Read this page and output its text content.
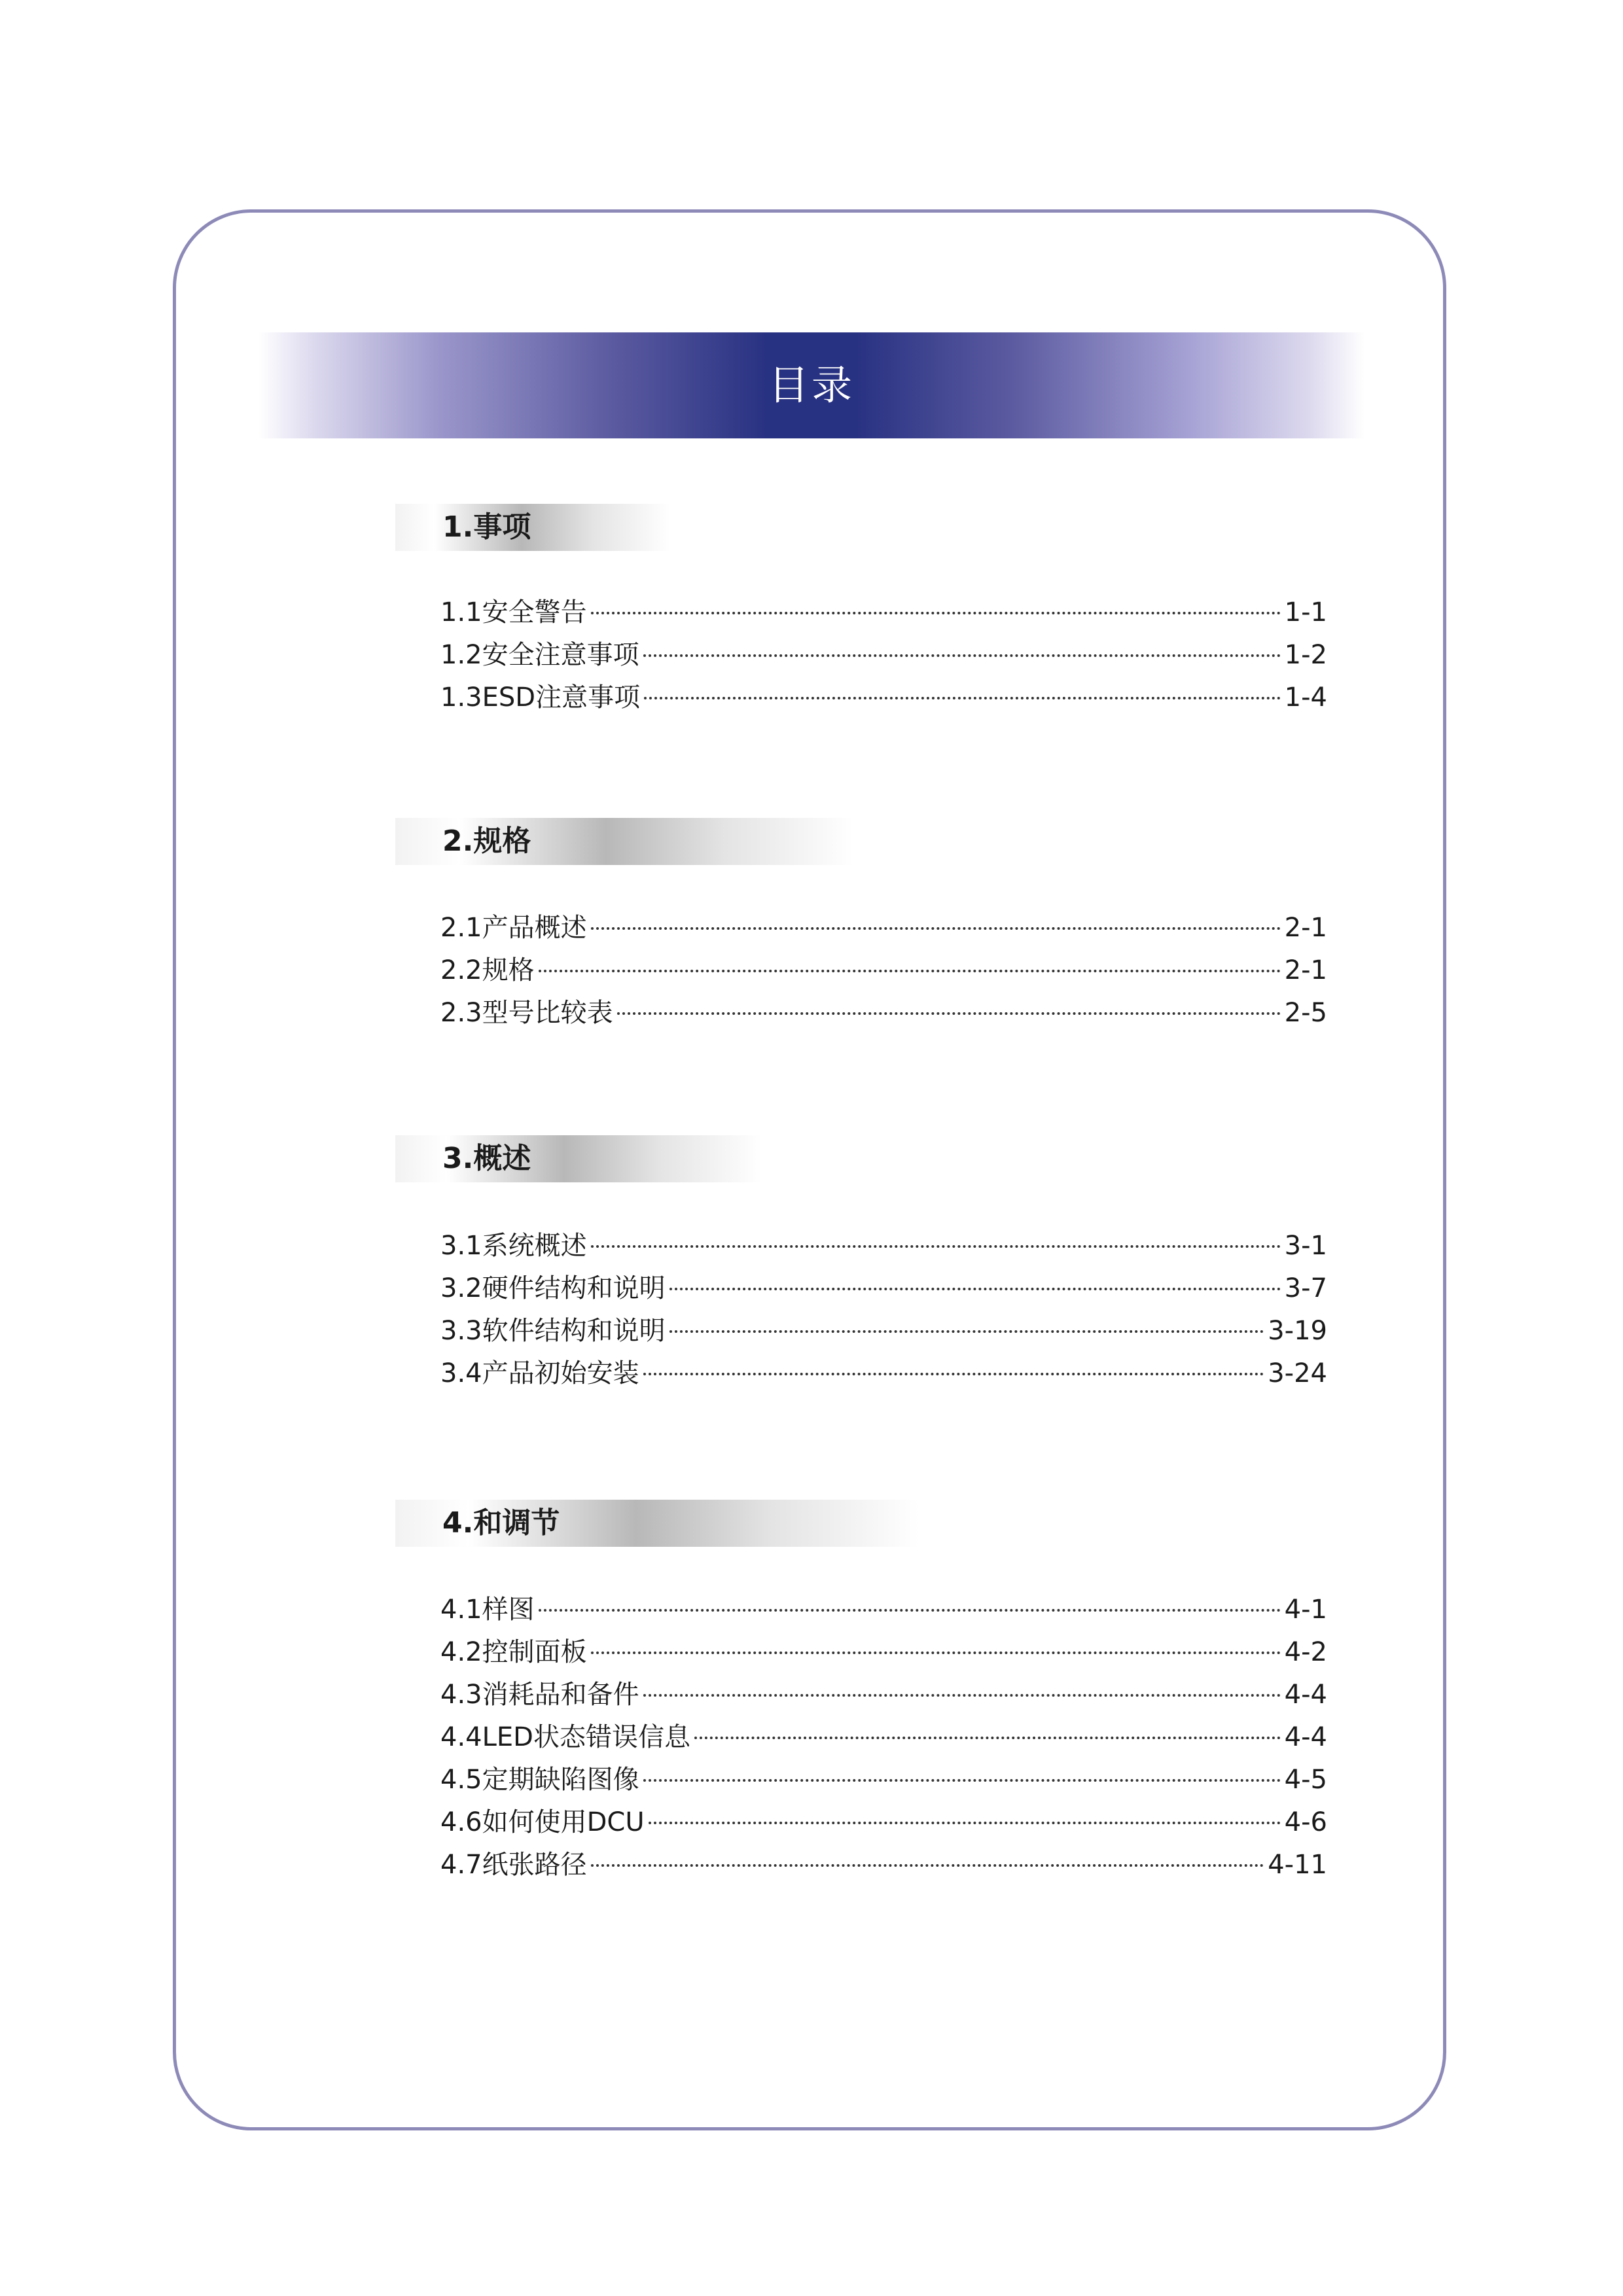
目录
1.事项
1.1安全警告	1-1
1.2安全注意事项	1-2
1.3ESD注意事项	1-4
2.规格
2.1产品概述	2-1
2.2规格	2-1
2.3型号比较表	2-5
3.概述
3.1系统概述	3-1
3.2硬件结构和说明	3-7
3.3软件结构和说明	3-19
3.4产品初始安装	3-24
4.和调节
4.1样图	4-1
4.2控制面板	4-2
4.3消耗品和备件	4-4
4.4LED状态错误信息	4-4
4.5定期缺陷图像	4-5
4.6如何使用DCU	4-6
4.7纸张路径	4-11
